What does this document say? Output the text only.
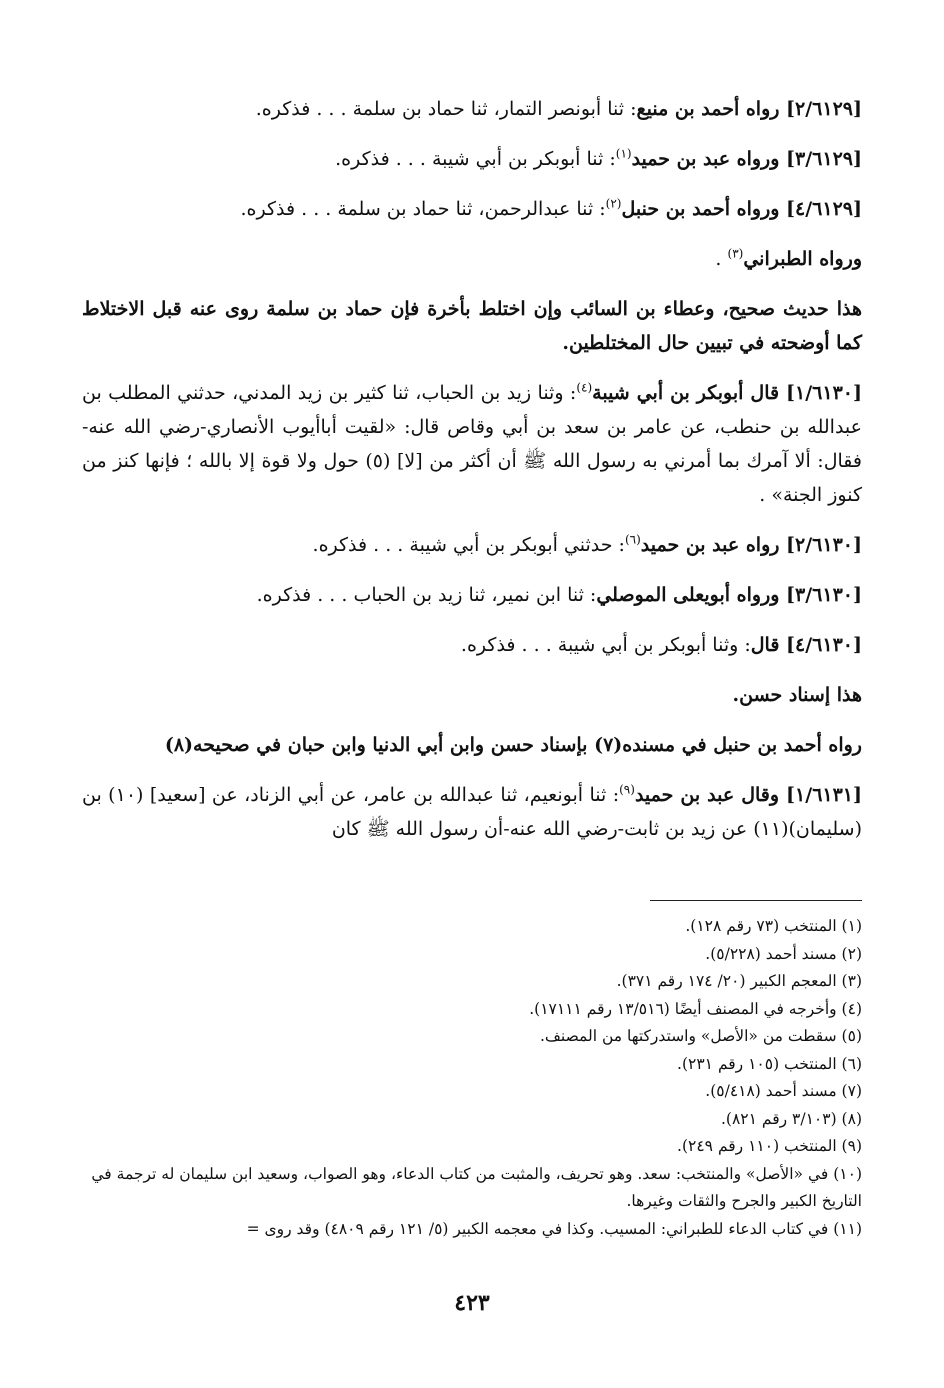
[٢/٦١٢٩] رواه أحمد بن منيع: ثنا أبونصر التمار، ثنا حماد بن سلمة . . . فذكره.

[٣/٦١٢٩] ورواه عبد بن حميد$^{(١)}$: ثنا أبوبكر بن أبي شيبة . . . فذكره.

[٤/٦١٢٩] ورواه أحمد بن حنبل$^{(٢)}$: ثنا عبدالرحمن، ثنا حماد بن سلمة . . . فذكره.

ورواه الطبراني$^{(٣)}$ .

هذا حديث صحيح، وعطاء بن السائب وإن اختلط بأخرة فإن حماد بن سلمة روى عنه قبل الاختلاط كما أوضحته في تبيين حال المختلطين.

[١/٦١٣٠] قال أبوبكر بن أبي شيبة$^{(٤)}$: وثنا زيد بن الحباب، ثنا كثير بن زيد المدني، حدثني المطلب بن عبدالله بن حنطب، عن عامر بن سعد بن أبي وقاص قال: «لقيت أباأيوب الأنصاري-رضي الله عنه-فقال: ألا آمرك بما أمرني به رسول الله ﷺ أن أكثر من [لا] (٥) حول ولا قوة إلا بالله ؛ فإنها كنز من كنوز الجنة» .

[٢/٦١٣٠] رواه عبد بن حميد$^{(٦)}$: حدثني أبوبكر بن أبي شيبة . . . فذكره.

[٣/٦١٣٠] ورواه أبويعلى الموصلي: ثنا ابن نمير، ثنا زيد بن الحباب . . . فذكره.

[٤/٦١٣٠] قال: وثنا أبوبكر بن أبي شيبة . . . فذكره.

هذا إسناد حسن.

رواه أحمد بن حنبل في مسنده(٧) بإسناد حسن وابن أبي الدنيا وابن حبان في صحيحه(٨)

[١/٦١٣١] وقال عبد بن حميد$^{(٩)}$: ثنا أبونعيم، ثنا عبدالله بن عامر، عن أبي الزناد، عن [سعيد] (١٠) بن (سليمان)(١١) عن زيد بن ثابت-رضي الله عنه-أن رسول الله ﷺ كان

(١) المنتخب (٧٣ رقم ١٢٨).

(٢) مسند أحمد (٥/٢٢٨).

(٣) المعجم الكبير (٢٠/ ١٧٤ رقم ٣٧١).

(٤) وأخرجه في المصنف أيضًا (١٣/٥١٦ رقم ١٧١١١).

(٥) سقطت من «الأصل» واستدركتها من المصنف.

(٦) المنتخب (١٠٥ رقم ٢٣١).

(٧) مسند أحمد (٥/٤١٨).

(٨) (٣/١٠٣ رقم ٨٢١).

(٩) المنتخب (١١٠ رقم ٢٤٩).

(١٠) في «الأصل» والمنتخب: سعد. وهو تحريف، والمثبت من كتاب الدعاء، وهو الصواب، وسعيد ابن سليمان له ترجمة في التاريخ الكبير والجرح والثقات وغيرها.

(١١) في كتاب الدعاء للطبراني: المسيب. وكذا في معجمه الكبير (٥/ ١٢١ رقم ٤٨٠٩) وقد روى =

٤٢٣
